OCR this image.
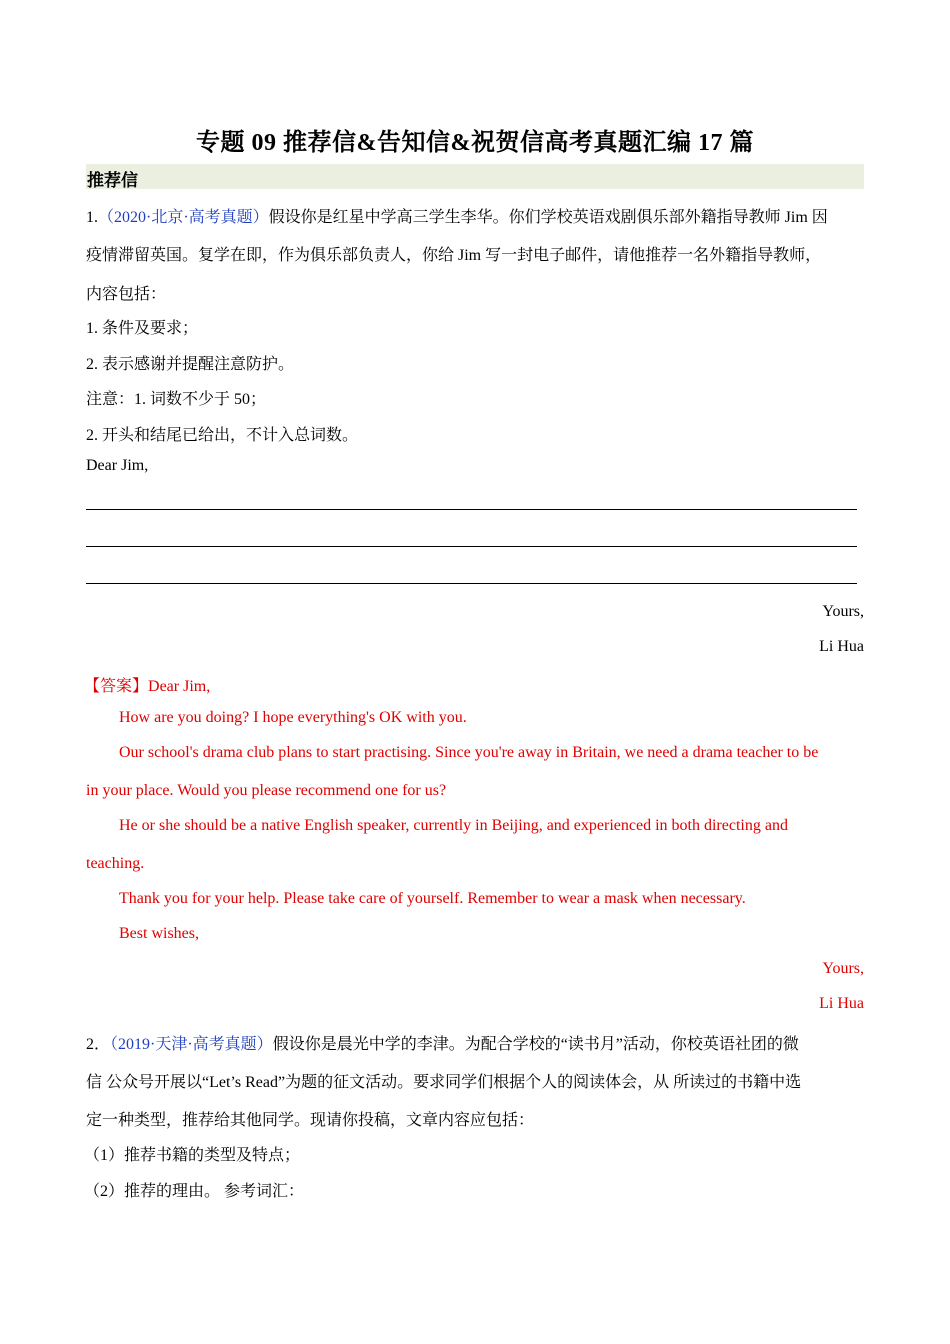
专题 09 推荐信&告知信&祝贺信高考真题汇编 17 篇
推荐信
1.（2020·北京·高考真题）假设你是红星中学高三学生李华。你们学校英语戏剧俱乐部外籍指导教师 Jim 因
疫情滞留英国。复学在即，作为俱乐部负责人，你给 Jim 写一封电子邮件，请他推荐一名外籍指导教师，
内容包括：
1. 条件及要求；
2. 表示感谢并提醒注意防护。
注意：1. 词数不少于 50；
2. 开头和结尾已给出，不计入总词数。
Dear Jim,
Yours,
Li Hua
【答案】Dear Jim,
How are you doing? I hope everything's OK with you.
Our school's drama club plans to start practising. Since you're away in Britain, we need a drama teacher to be
in your place. Would you please recommend one for us?
He or she should be a native English speaker, currently in Beijing, and experienced in both directing and
teaching.
Thank you for your help. Please take care of yourself. Remember to wear a mask when necessary.
Best wishes,
Yours,
Li Hua
2．（2019·天津·高考真题）假设你是晨光中学的李津。为配合学校的“读书月”活动，你校英语社团的微
信 公众号开展以“Let’s Read”为题的征文活动。要求同学们根据个人的阅读体会，从 所读过的书籍中选
定一种类型，推荐给其他同学。现请你投稿，文章内容应包括：
（1）推荐书籍的类型及特点；
（2）推荐的理由。 参考词汇：
